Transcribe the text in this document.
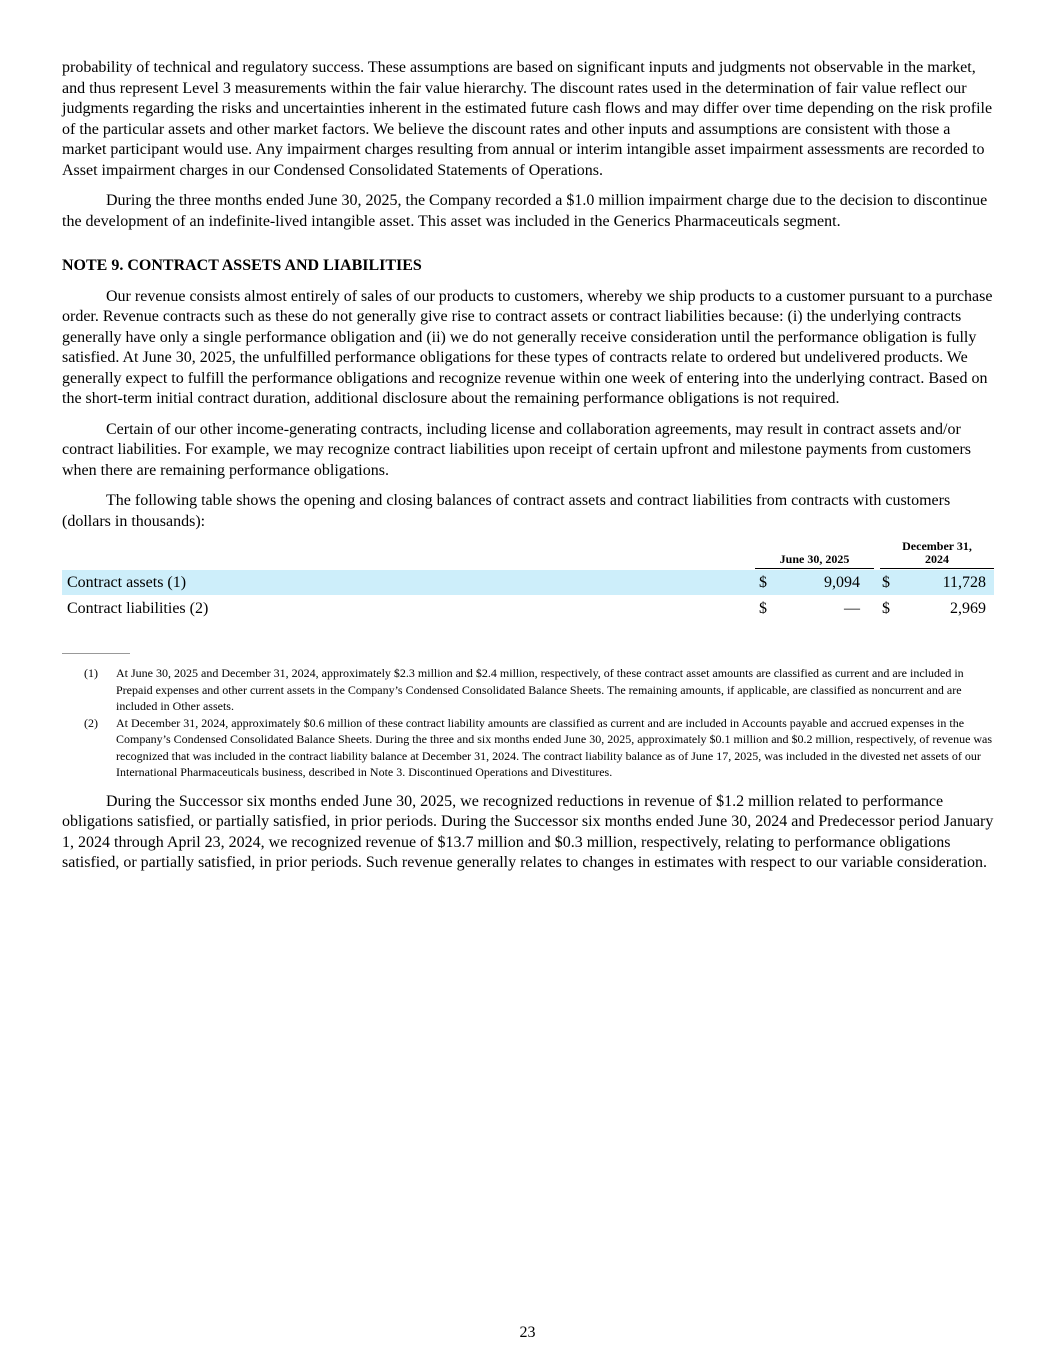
probability of technical and regulatory success. These assumptions are based on significant inputs and judgments not observable in the market, and thus represent Level 3 measurements within the fair value hierarchy. The discount rates used in the determination of fair value reflect our judgments regarding the risks and uncertainties inherent in the estimated future cash flows and may differ over time depending on the risk profile of the particular assets and other market factors. We believe the discount rates and other inputs and assumptions are consistent with those a market participant would use. Any impairment charges resulting from annual or interim intangible asset impairment assessments are recorded to Asset impairment charges in our Condensed Consolidated Statements of Operations.

During the three months ended June 30, 2025, the Company recorded a $1.0 million impairment charge due to the decision to discontinue the development of an indefinite-lived intangible asset. This asset was included in the Generics Pharmaceuticals segment.

NOTE 9. CONTRACT ASSETS AND LIABILITIES

Our revenue consists almost entirely of sales of our products to customers, whereby we ship products to a customer pursuant to a purchase order. Revenue contracts such as these do not generally give rise to contract assets or contract liabilities because: (i) the underlying contracts generally have only a single performance obligation and (ii) we do not generally receive consideration until the performance obligation is fully satisfied. At June 30, 2025, the unfulfilled performance obligations for these types of contracts relate to ordered but undelivered products. We generally expect to fulfill the performance obligations and recognize revenue within one week of entering into the underlying contract. Based on the short-term initial contract duration, additional disclosure about the remaining performance obligations is not required.

Certain of our other income-generating contracts, including license and collaboration agreements, may result in contract assets and/or contract liabilities. For example, we may recognize contract liabilities upon receipt of certain upfront and milestone payments from customers when there are remaining performance obligations.

The following table shows the opening and closing balances of contract assets and contract liabilities from contracts with customers (dollars in thousands):

June 30, 2025
December 31,
2024
Contract assets (1)	$	9,094 $	11,728
Contract liabilities (2)	$	— $	2,969
(1) At June 30, 2025 and December 31, 2024, approximately $2.3 million and $2.4 million, respectively, of these contract asset amounts are classified as current and are included in Prepaid expenses and other current assets in the Company’s Condensed Consolidated Balance Sheets. The remaining amounts, if applicable, are classified as noncurrent and are included in Other assets.
(2) At December 31, 2024, approximately $0.6 million of these contract liability amounts are classified as current and are included in Accounts payable and accrued expenses in the Company’s Condensed Consolidated Balance Sheets. During the three and six months ended June 30, 2025, approximately $0.1 million and $0.2 million, respectively, of revenue was recognized that was included in the contract liability balance at December 31, 2024. The contract liability balance as of June 17, 2025, was included in the divested net assets of our International Pharmaceuticals business, described in Note 3. Discontinued Operations and Divestitures.

During the Successor six months ended June 30, 2025, we recognized reductions in revenue of $1.2 million related to performance obligations satisfied, or partially satisfied, in prior periods. During the Successor six months ended June 30, 2024 and Predecessor period January 1, 2024 through April 23, 2024, we recognized revenue of $13.7 million and $0.3 million, respectively, relating to performance obligations satisfied, or partially satisfied, in prior periods. Such revenue generally relates to changes in estimates with respect to our variable consideration.

23
